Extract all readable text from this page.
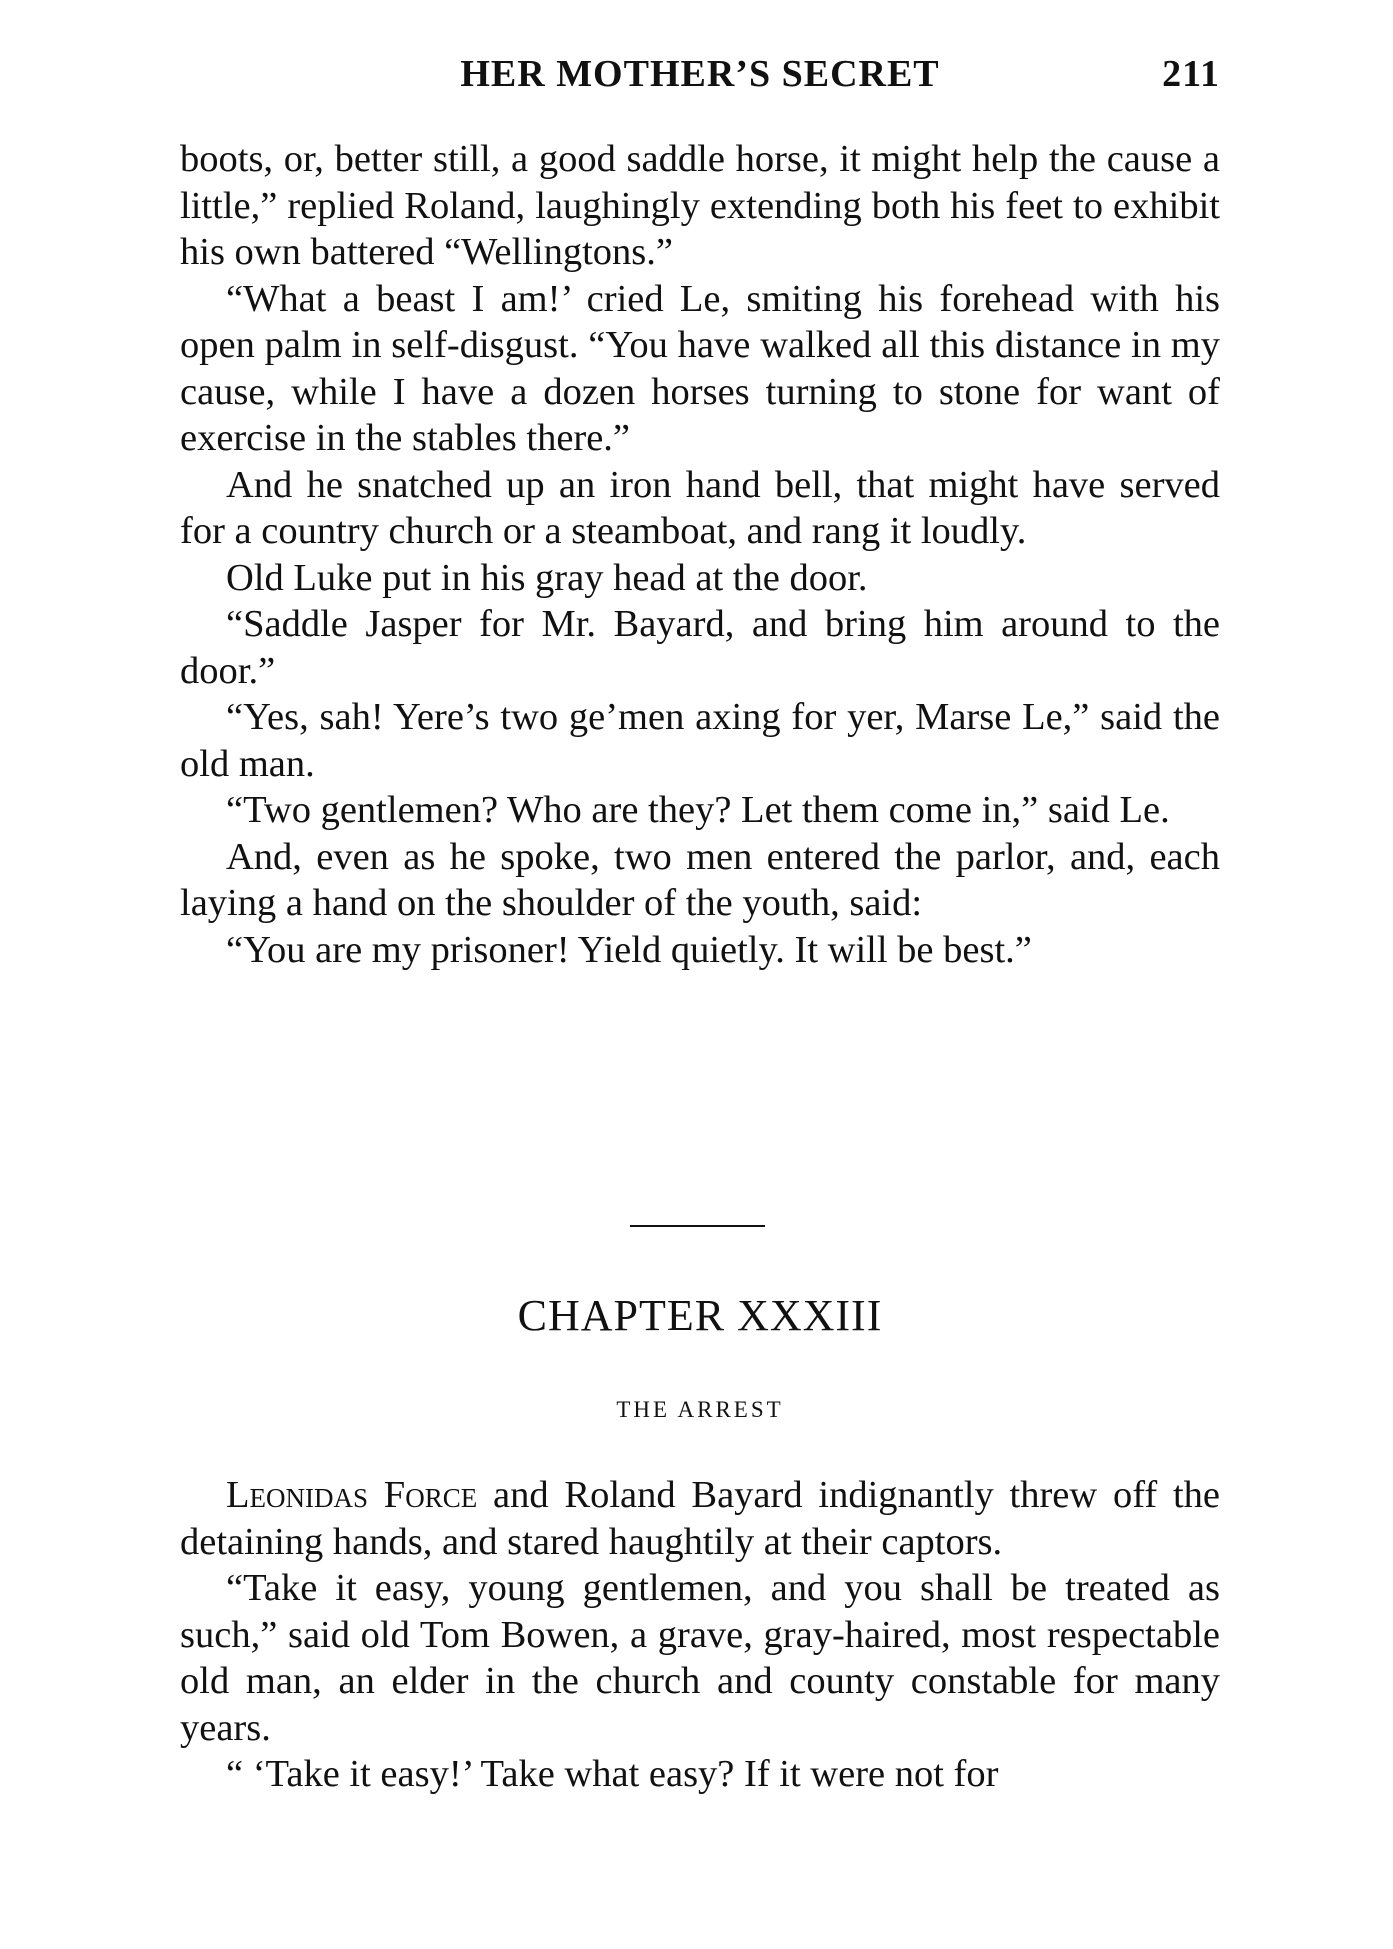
HER MOTHER’S SECRET	211

boots, or, better still, a good saddle horse, it might help the cause a little,” replied Roland, laughingly extending both his feet to exhibit his own battered “Wellingtons.”

“What a beast I am!’ cried Le, smiting his forehead with his open palm in self-disgust. “You have walked all this distance in my cause, while I have a dozen horses turning to stone for want of exercise in the stables there.”

And he snatched up an iron hand bell, that might have served for a country church or a steamboat, and rang it loudly.

Old Luke put in his gray head at the door.

“Saddle Jasper for Mr. Bayard, and bring him around to the door.”

“Yes, sah! Yere’s two ge’men axing for yer, Marse Le,” said the old man.

“Two gentlemen? Who are they? Let them come in,” said Le.

And, even as he spoke, two men entered the parlor, and, each laying a hand on the shoulder of the youth, said:

“You are my prisoner! Yield quietly. It will be best.”

CHAPTER XXXIII
THE ARREST

Leonidas Force and Roland Bayard indignantly threw off the detaining hands, and stared haughtily at their captors.

“Take it easy, young gentlemen, and you shall be treated as such,” said old Tom Bowen, a grave, gray-haired, most respectable old man, an elder in the church and county constable for many years.

“ ‘Take it easy!’ Take what easy? If it were not for
